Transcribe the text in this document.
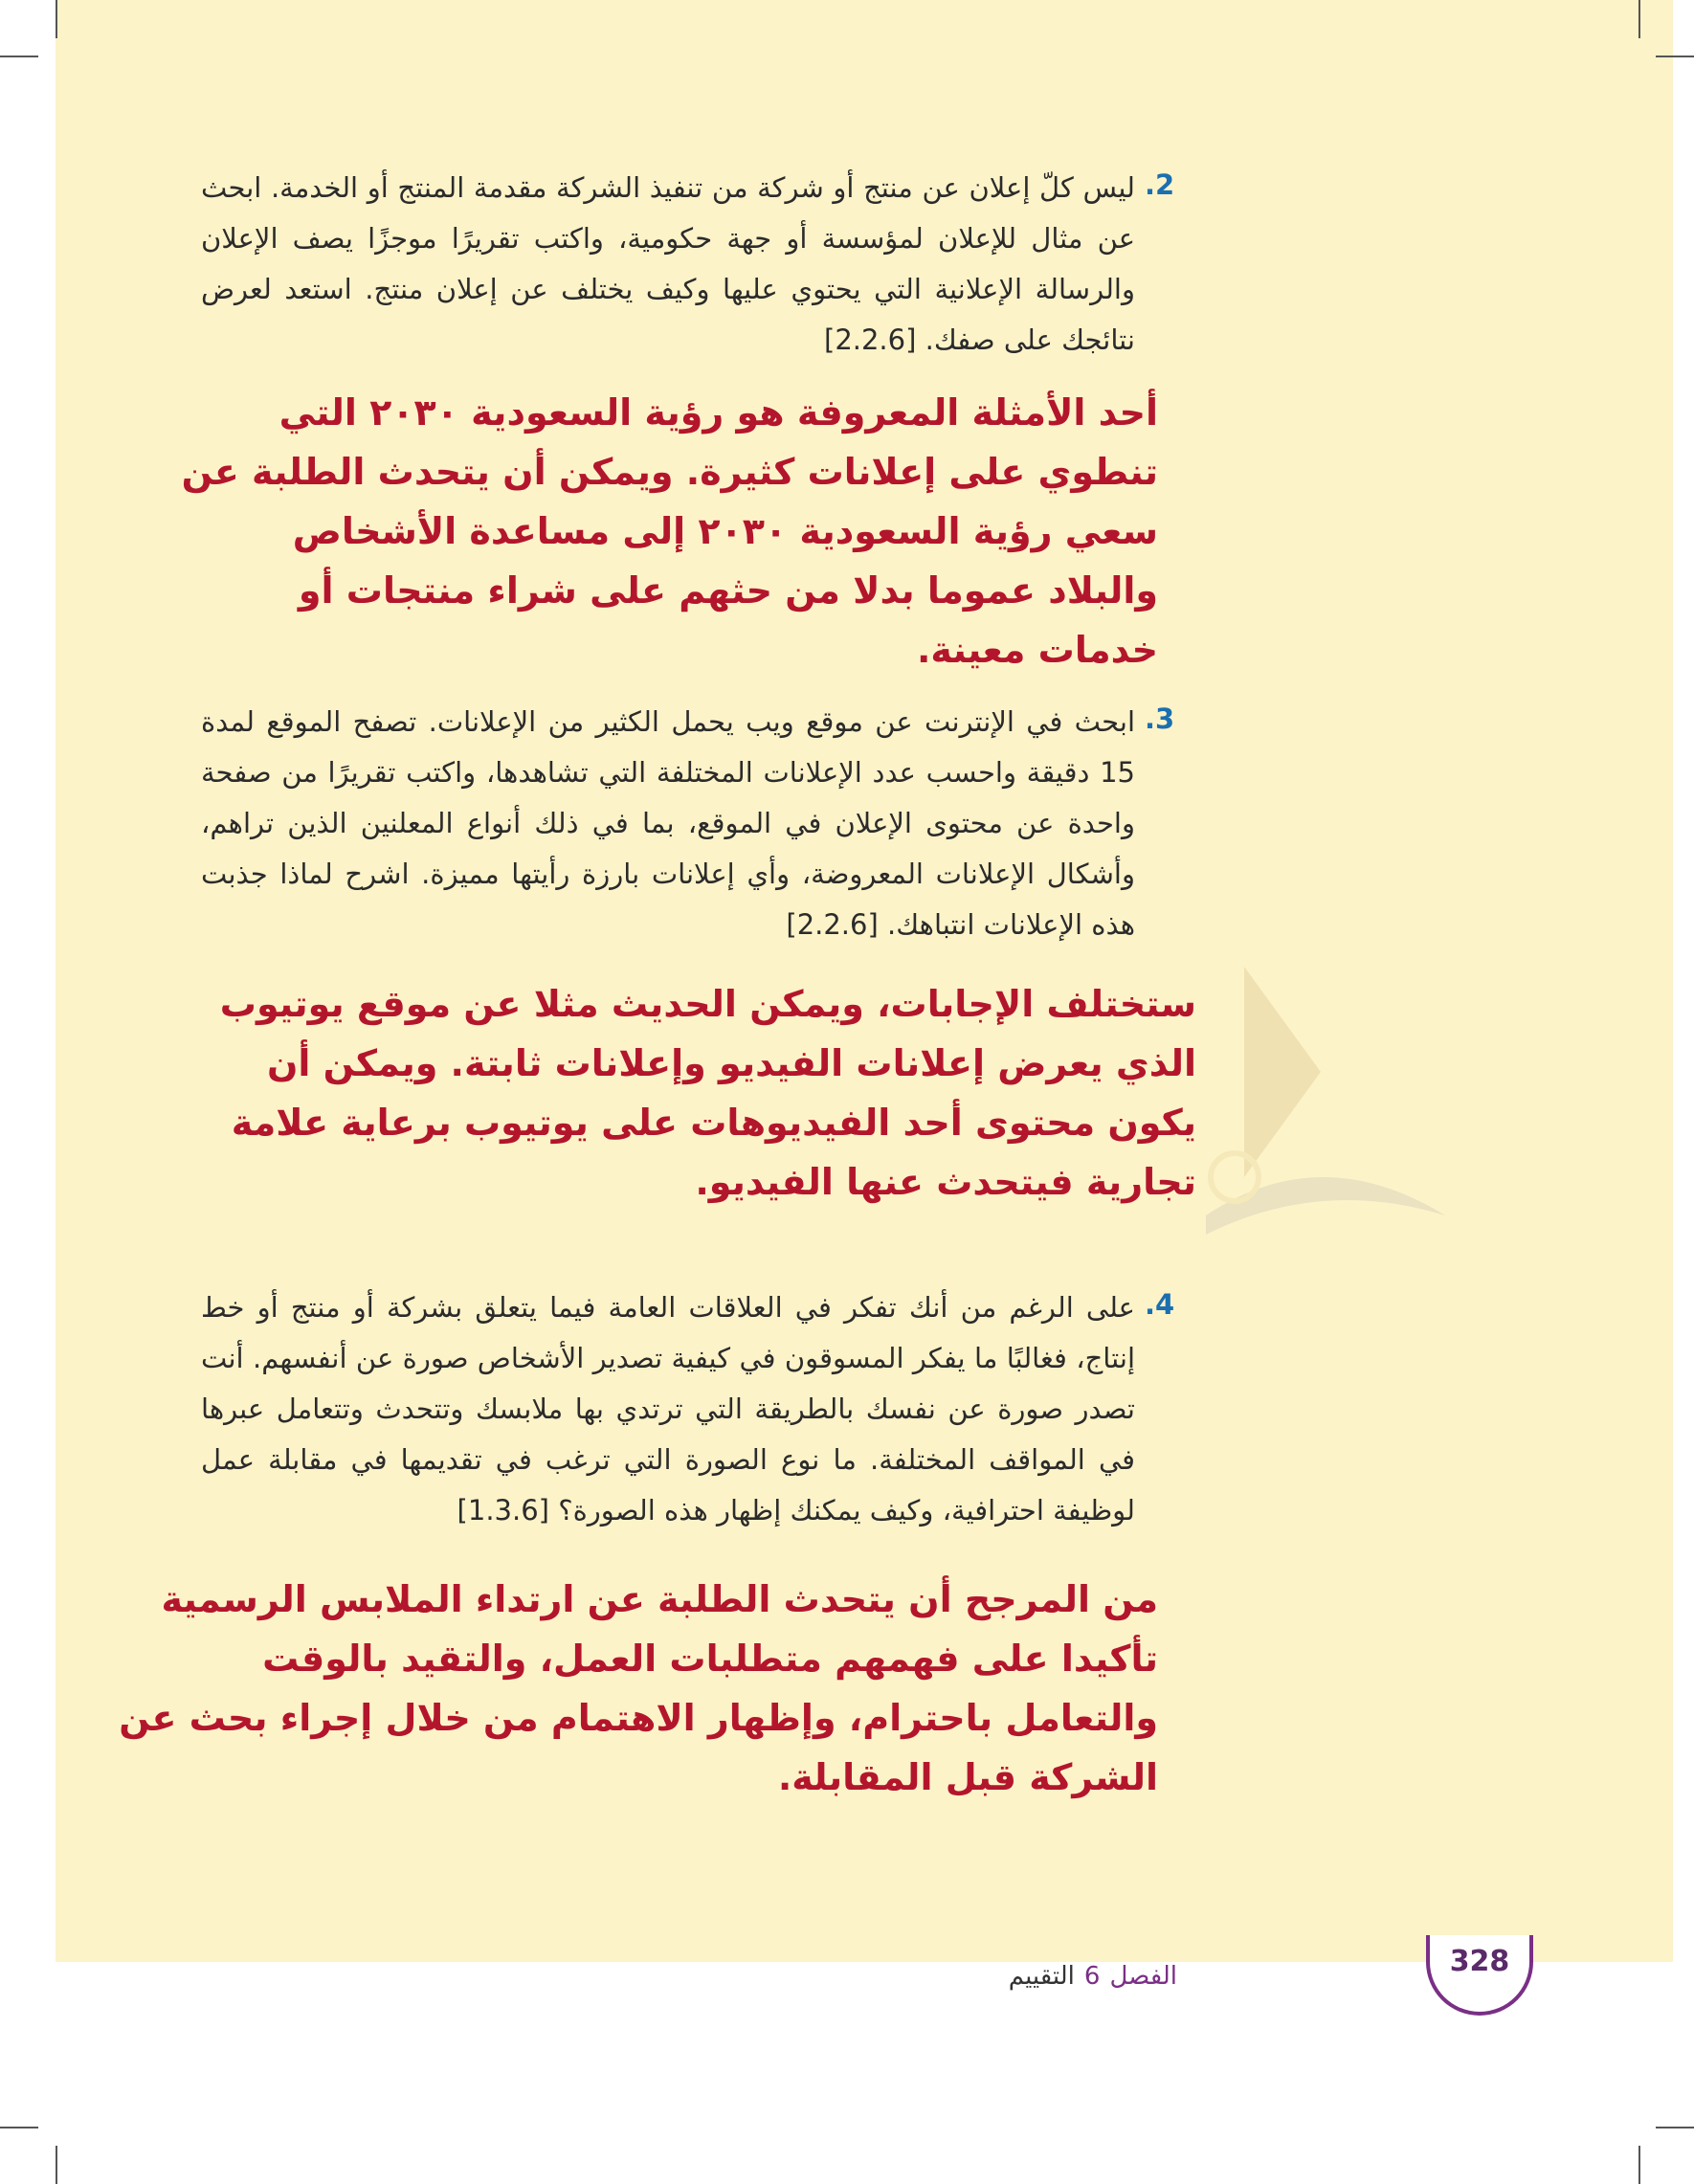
.2
ليس كلّ إعلان عن منتج أو شركة من تنفيذ الشركة مقدمة المنتج أو الخدمة. ابحث عن مثال للإعلان لمؤسسة أو جهة حكومية، واكتب تقريرًا موجزًا يصف الإعلان والرسالة الإعلانية التي يحتوي عليها وكيف يختلف عن إعلان منتج. استعد لعرض نتائجك على صفك. [2.2.6]
أحد الأمثلة المعروفة هو رؤية السعودية ٢٠٣٠ التي تنطوي على إعلانات كثيرة. ويمكن أن يتحدث الطلبة عن سعي رؤية السعودية ٢٠٣٠ إلى مساعدة الأشخاص والبلاد عموما بدلا من حثهم على شراء منتجات أو خدمات معينة.
.3
ابحث في الإنترنت عن موقع ويب يحمل الكثير من الإعلانات. تصفح الموقع لمدة 15 دقيقة واحسب عدد الإعلانات المختلفة التي تشاهدها، واكتب تقريرًا من صفحة واحدة عن محتوى الإعلان في الموقع، بما في ذلك أنواع المعلنين الذين تراهم، وأشكال الإعلانات المعروضة، وأي إعلانات بارزة رأيتها مميزة. اشرح لماذا جذبت هذه الإعلانات انتباهك. [2.2.6]
ستختلف الإجابات، ويمكن الحديث مثلا عن موقع يوتيوب الذي يعرض إعلانات الفيديو وإعلانات ثابتة. ويمكن أن يكون محتوى أحد الفيديوهات على يوتيوب برعاية علامة تجارية فيتحدث عنها الفيديو.
.4
على الرغم من أنك تفكر في العلاقات العامة فيما يتعلق بشركة أو منتج أو خط إنتاج، فغالبًا ما يفكر المسوقون في كيفية تصدير الأشخاص صورة عن أنفسهم. أنت تصدر صورة عن نفسك بالطريقة التي ترتدي بها ملابسك وتتحدث وتتعامل عبرها في المواقف المختلفة. ما نوع الصورة التي ترغب في تقديمها في مقابلة عمل لوظيفة احترافية، وكيف يمكنك إظهار هذه الصورة؟ [1.3.6]
من المرجح أن يتحدث الطلبة عن ارتداء الملابس الرسمية تأكيدا على فهمهم متطلبات العمل، والتقيد بالوقت والتعامل باحترام، وإظهار الاهتمام من خلال إجراء بحث عن الشركة قبل المقابلة.
الفصل6التقييم	328
